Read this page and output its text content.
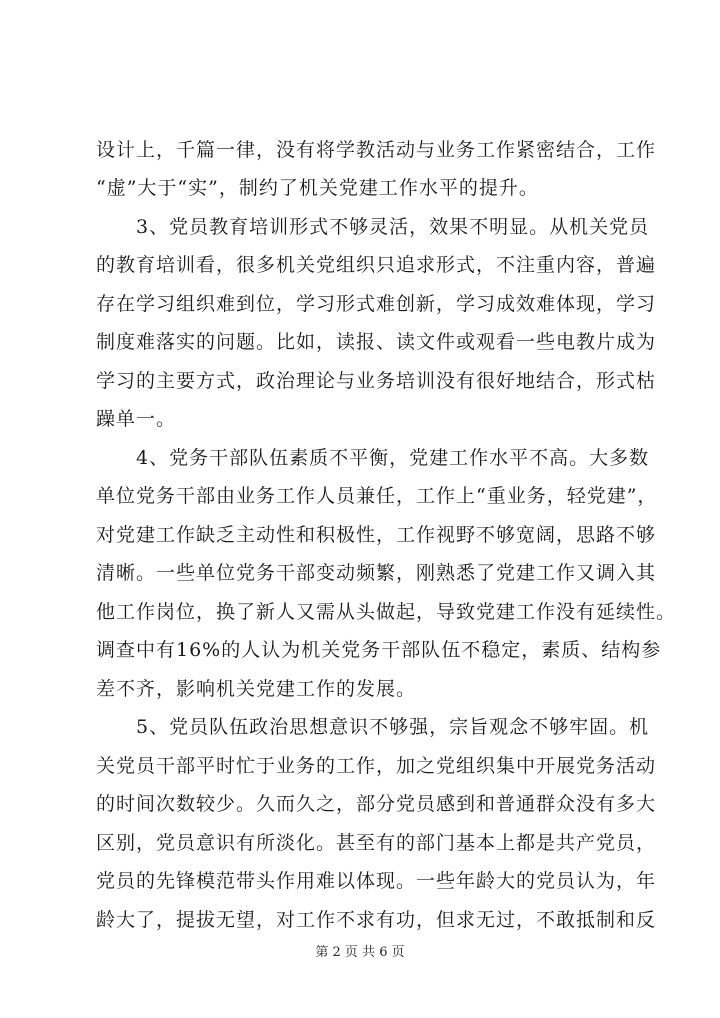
设计上，千篇一律，没有将学教活动与业务工作紧密结合，工作
“虚”大于“实”，制约了机关党建工作水平的提升。
3、党员教育培训形式不够灵活，效果不明显。从机关党员
的教育培训看，很多机关党组织只追求形式，不注重内容，普遍
存在学习组织难到位，学习形式难创新，学习成效难体现，学习
制度难落实的问题。比如，读报、读文件或观看一些电教片成为
学习的主要方式，政治理论与业务培训没有很好地结合，形式枯
躁单一。
4、党务干部队伍素质不平衡，党建工作水平不高。大多数
单位党务干部由业务工作人员兼任，工作上“重业务，轻党建”，
对党建工作缺乏主动性和积极性，工作视野不够宽阔，思路不够
清晰。一些单位党务干部变动频繁，刚熟悉了党建工作又调入其
他工作岗位，换了新人又需从头做起，导致党建工作没有延续性。
调查中有16%的人认为机关党务干部队伍不稳定，素质、结构参
差不齐，影响机关党建工作的发展。
5、党员队伍政治思想意识不够强，宗旨观念不够牢固。机
关党员干部平时忙于业务的工作，加之党组织集中开展党务活动
的时间次数较少。久而久之，部分党员感到和普通群众没有多大
区别，党员意识有所淡化。甚至有的部门基本上都是共产党员，
党员的先锋模范带头作用难以体现。一些年龄大的党员认为，年
龄大了，提拔无望，对工作不求有功，但求无过，不敢抵制和反
第 2 页 共 6 页
